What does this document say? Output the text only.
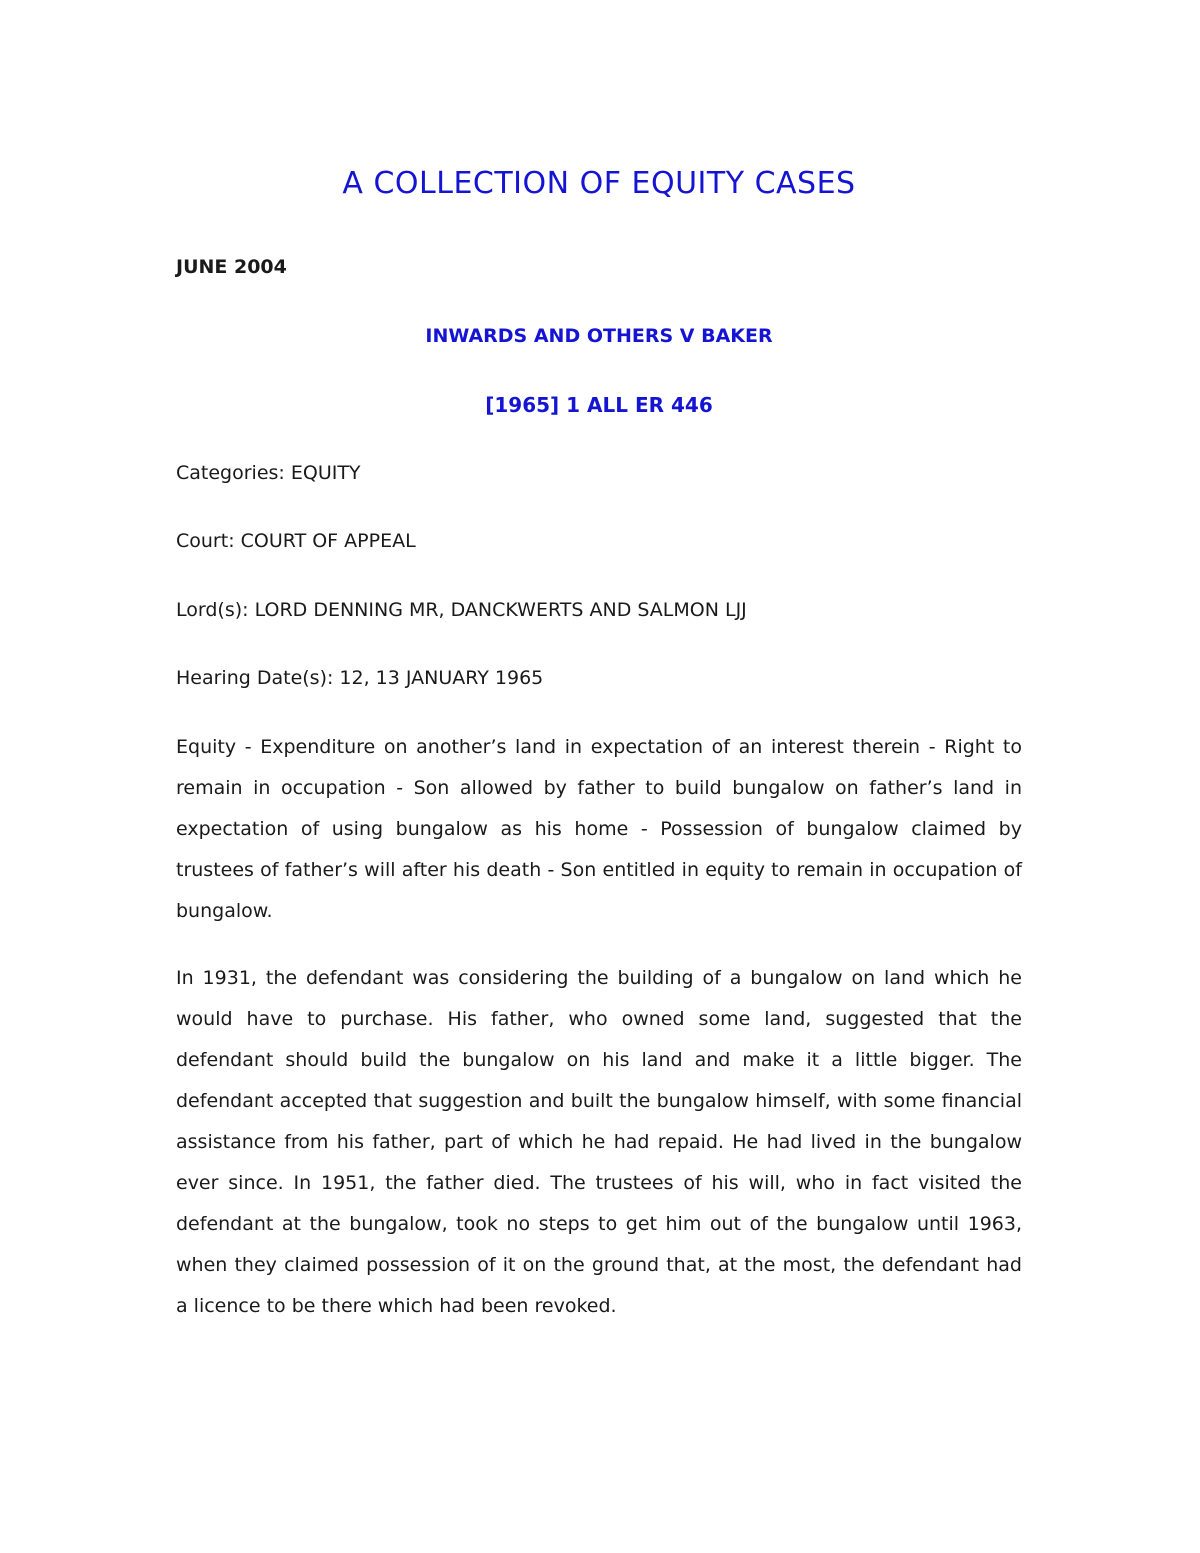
A COLLECTION OF EQUITY CASES

JUNE 2004

INWARDS AND OTHERS V BAKER

[1965] 1 ALL ER 446

Categories: EQUITY

Court: COURT OF APPEAL

Lord(s): LORD DENNING MR, DANCKWERTS AND SALMON LJJ

Hearing Date(s): 12, 13 JANUARY 1965

Equity - Expenditure on another’s land in expectation of an interest therein - Right to remain in occupation - Son allowed by father to build bungalow on father’s land in expectation of using bungalow as his home - Possession of bungalow claimed by trustees of father’s will after his death - Son entitled in equity to remain in occupation of bungalow.

In 1931, the defendant was considering the building of a bungalow on land which he would have to purchase. His father, who owned some land, suggested that the defendant should build the bungalow on his land and make it a little bigger. The defendant accepted that suggestion and built the bungalow himself, with some financial assistance from his father, part of which he had repaid. He had lived in the bungalow ever since. In 1951, the father died. The trustees of his will, who in fact visited the defendant at the bungalow, took no steps to get him out of the bungalow until 1963, when they claimed possession of it on the ground that, at the most, the defendant had a licence to be there which had been revoked.
